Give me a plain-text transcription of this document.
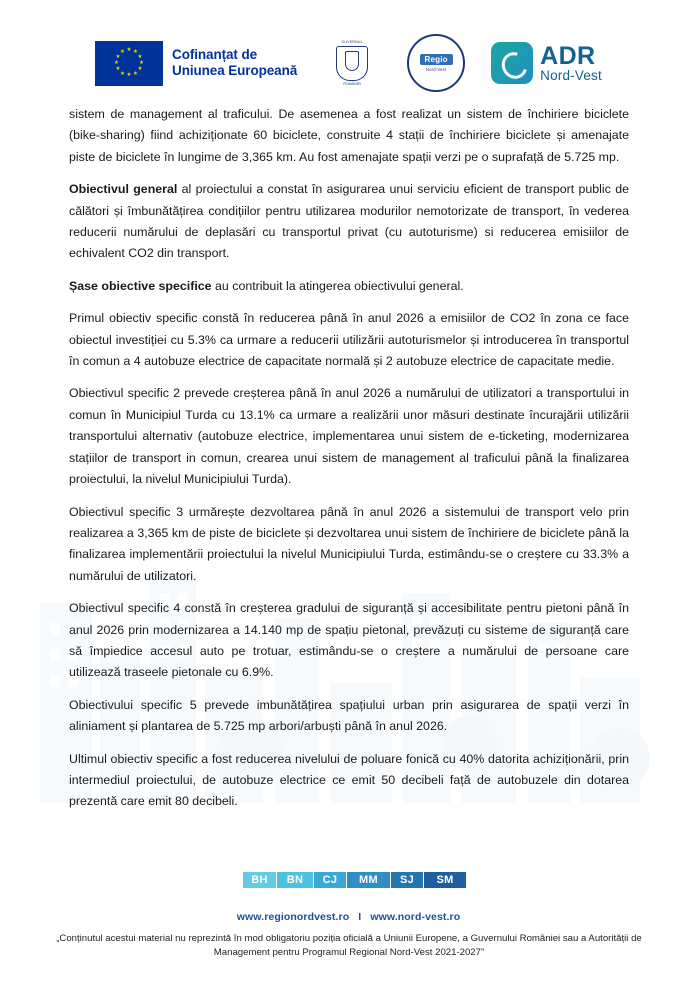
★ ★
★
★
★
★
★
★
★
★
★
★	Cofinanțat de
Uniunea Europeană
GUVERNUL
ROMÂNIEI
Regio
Nord-Vest	ADR
Nord-Vest

sistem de management al traficului. De asemenea a fost realizat un sistem de închiriere biciclete (bike-sharing) fiind achiziționate 60 biciclete, construite 4 stații de închiriere biciclete și amenajate piste de biciclete în lungime de 3,365 km. Au fost amenajate spații verzi pe o suprafață de 5.725 mp.

Obiectivul general al proiectului a constat în asigurarea unui serviciu eficient de transport public de călători și îmbunătățirea condițiilor pentru utilizarea modurilor nemotorizate de transport, în vederea reducerii numărului de deplasări cu transportul privat (cu autoturisme) si reducerea emisiilor de echivalent CO2 din transport.

Șase obiective specifice au contribuit la atingerea obiectivului general.

Primul obiectiv specific constă în reducerea până în anul 2026 a emisiilor de CO2 în zona ce face obiectul investiției cu 5.3% ca urmare a reducerii utilizării autoturismelor și introducerea în transportul în comun a 4 autobuze electrice de capacitate normală și 2 autobuze electrice de capacitate medie.

Obiectivul specific 2 prevede creșterea până în anul 2026 a numărului de utilizatori a transportului in comun în Municipiul Turda cu 13.1% ca urmare a realizării unor măsuri destinate încurajării utilizării transportului alternativ (autobuze electrice, implementarea unui sistem de e-ticketing, modernizarea stațiilor de transport in comun, crearea unui sistem de management al traficului până la finalizarea proiectului, la nivelul Municipiului Turda).

Obiectivul specific 3 urmărește dezvoltarea până în anul 2026 a sistemului de transport velo prin realizarea a 3,365 km de piste de biciclete și dezvoltarea unui sistem de închiriere de biciclete până la finalizarea implementării proiectului la nivelul Municipiului Turda, estimându-se o creștere cu 33.3% a numărului de utilizatori.

Obiectivul specific 4 constă în creșterea gradului de siguranță și accesibilitate pentru pietoni până în anul 2026 prin modernizarea a 14.140 mp de spațiu pietonal, prevăzuți cu sisteme de siguranță care să împiedice accesul auto pe trotuar, estimându-se o creștere a numărului de persoane care utilizează traseele pietonale cu 6.9%.

Obiectivului specific 5 prevede imbunătățirea spațiului urban prin asigurarea de spații verzi în aliniament și plantarea de 5.725 mp arbori/arbuști până în anul 2026.

Ultimul obiectiv specific a fost reducerea nivelului de poluare fonică cu 40% datorita achiziționării, prin intermediul proiectului, de autobuze electrice ce emit 50 decibeli față de autobuzele din dotarea prezentă care emit 80 decibeli.

BH	BN	CJ	MM	SJ	SM
www.regionordvest.ro I www.nord-vest.ro
„Conținutul acestui material nu reprezintă în mod obligatoriu poziția oficială a Uniunii Europene, a Guvernului României sau a Autorității de Management pentru Programul Regional Nord-Vest 2021-2027”
